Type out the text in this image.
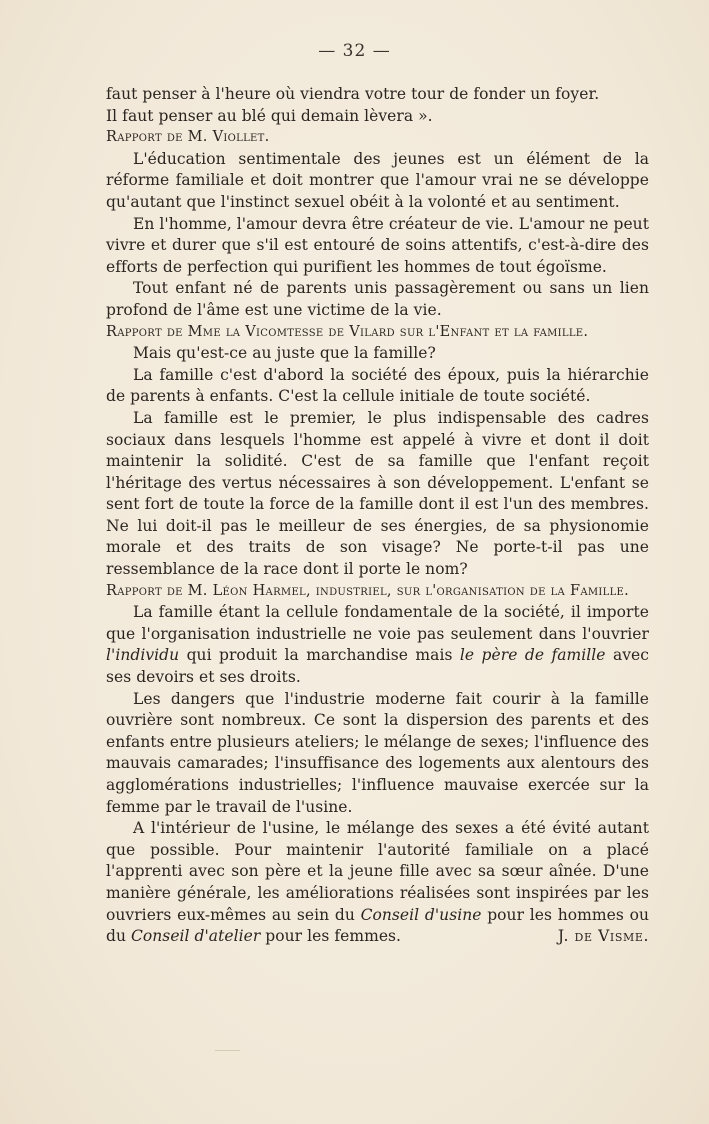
— 32 —

faut penser à l'heure où viendra votre tour de fonder un foyer.

Il faut penser au blé qui demain lèvera ».

Rapport de M. Viollet.

L'éducation sentimentale des jeunes est un élément de la réforme familiale et doit montrer que l'amour vrai ne se développe qu'autant que l'instinct sexuel obéit à la volonté et au sentiment.

En l'homme, l'amour devra être créateur de vie. L'amour ne peut vivre et durer que s'il est entouré de soins attentifs, c'est-à-dire des efforts de perfection qui purifient les hommes de tout égoïsme.

Tout enfant né de parents unis passagèrement ou sans un lien profond de l'âme est une victime de la vie.

Rapport de Mme la Vicomtesse de Vilard sur l'Enfant et la famille.

Mais qu'est-ce au juste que la famille?

La famille c'est d'abord la société des époux, puis la hiérarchie de parents à enfants. C'est la cellule initiale de toute société.

La famille est le premier, le plus indispensable des cadres sociaux dans lesquels l'homme est appelé à vivre et dont il doit maintenir la solidité. C'est de sa famille que l'enfant reçoit l'héritage des vertus nécessaires à son développement. L'enfant se sent fort de toute la force de la famille dont il est l'un des membres. Ne lui doit-il pas le meilleur de ses énergies, de sa physionomie morale et des traits de son visage? Ne porte-t-il pas une ressemblance de la race dont il porte le nom?

Rapport de M. Léon Harmel, industriel, sur l'organisation de la Famille.

La famille étant la cellule fondamentale de la société, il importe que l'organisation industrielle ne voie pas seulement dans l'ouvrier l'individu qui produit la marchandise mais le père de famille avec ses devoirs et ses droits.

Les dangers que l'industrie moderne fait courir à la famille ouvrière sont nombreux. Ce sont la dispersion des parents et des enfants entre plusieurs ateliers; le mélange de sexes; l'influence des mauvais camarades; l'insuffisance des logements aux alentours des agglomérations industrielles; l'influence mauvaise exercée sur la femme par le travail de l'usine.

A l'intérieur de l'usine, le mélange des sexes a été évité autant que possible. Pour maintenir l'autorité familiale on a placé l'apprenti avec son père et la jeune fille avec sa sœur aînée. D'une manière générale, les améliorations réalisées sont inspirées par les ouvriers eux-mêmes au sein du Conseil d'usine pour les hommes ou du Conseil d'atelier pour les femmes.	J. de Visme.
